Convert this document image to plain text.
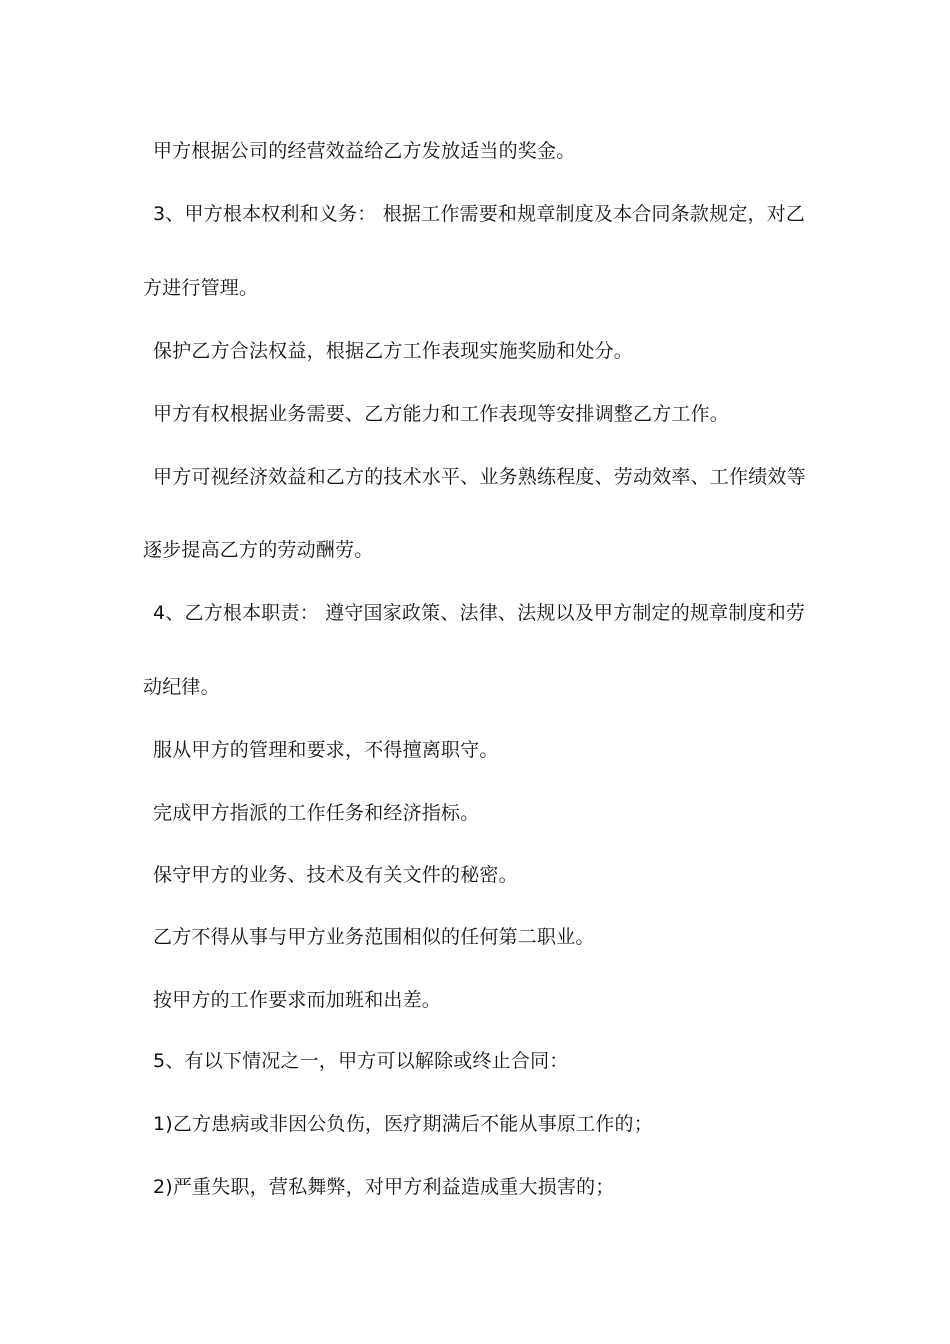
甲方根据公司的经营效益给乙方发放适当的奖金。
3、甲方根本权利和义务： 根据工作需要和规章制度及本合同条款规定，对乙
方进行管理。
保护乙方合法权益，根据乙方工作表现实施奖励和处分。
甲方有权根据业务需要、乙方能力和工作表现等安排调整乙方工作。
甲方可视经济效益和乙方的技术水平、业务熟练程度、劳动效率、工作绩效等
逐步提高乙方的劳动酬劳。
4、乙方根本职责： 遵守国家政策、法律、法规以及甲方制定的规章制度和劳
动纪律。
服从甲方的管理和要求，不得擅离职守。
完成甲方指派的工作任务和经济指标。
保守甲方的业务、技术及有关文件的秘密。
乙方不得从事与甲方业务范围相似的任何第二职业。
按甲方的工作要求而加班和出差。
5、有以下情况之一，甲方可以解除或终止合同：
1)乙方患病或非因公负伤，医疗期满后不能从事原工作的；
2)严重失职，营私舞弊，对甲方利益造成重大损害的；
